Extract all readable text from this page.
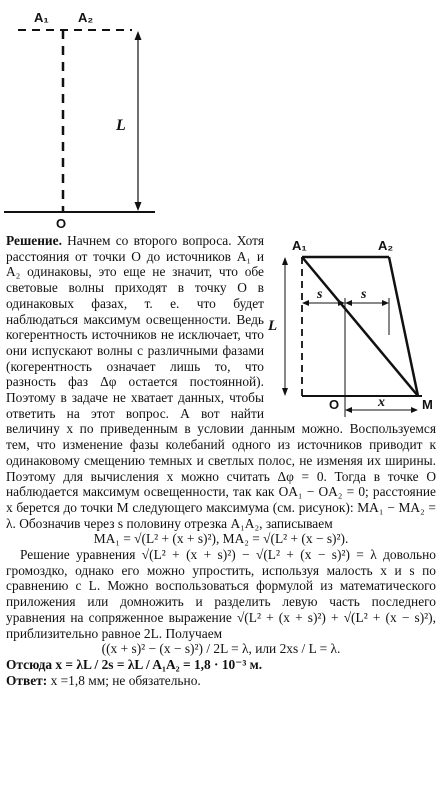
A₁ A₂
L
O
A₁	A₂
L
s	s
O	x	M

Решение. Начнем со второго вопроса. Хотя расстояния от точки O до источников A₁ и A₂ одинаковы, это еще не значит, что обе световые волны приходят в точку O в одинаковых фазах, т. е. что будет наблюдаться максимум освещенности. Ведь когерентность источников не исключает, что они испускают волны с различными фазами (когерентность означает лишь то, что разность фаз Δφ остается постоянной). Поэтому в задаче не хватает данных, чтобы ответить на этот вопрос. А вот найти величину x по приведенным в условии данным можно. Воспользуемся тем, что изменение фазы колебаний одного из источников приводит к одинаковому смещению темных и светлых полос, не изменяя их ширины. Поэтому для вычисления x можно считать Δφ = 0. Тогда в точке O наблюдается максимум освещенности, так как OA₁ − OA₂ = 0; расстояние x берется до точки M следующего максимума (см. рисунок): MA₁ − MA₂ = λ. Обозначив через s половину отрезка A₁A₂, записываем

MA₁ = √(L² + (x + s)²), MA₂ = √(L² + (x − s)²).

Решение уравнения √(L² + (x + s)²) − √(L² + (x − s)²) = λ довольно громоздко, однако его можно упростить, используя малость x и s по сравнению с L. Можно воспользоваться формулой из математического приложения или домножить и разделить левую часть последнего уравнения на сопряженное выражение √(L² + (x + s)²) + √(L² + (x − s)²), приблизительно равное 2L. Получаем

((x + s)² − (x − s)²) / 2L = λ, или 2xs / L = λ.

Отсюда x = λL / 2s = λL / A₁A₂ = 1,8 · 10⁻³ м.

Ответ: x =1,8 мм; не обязательно.
